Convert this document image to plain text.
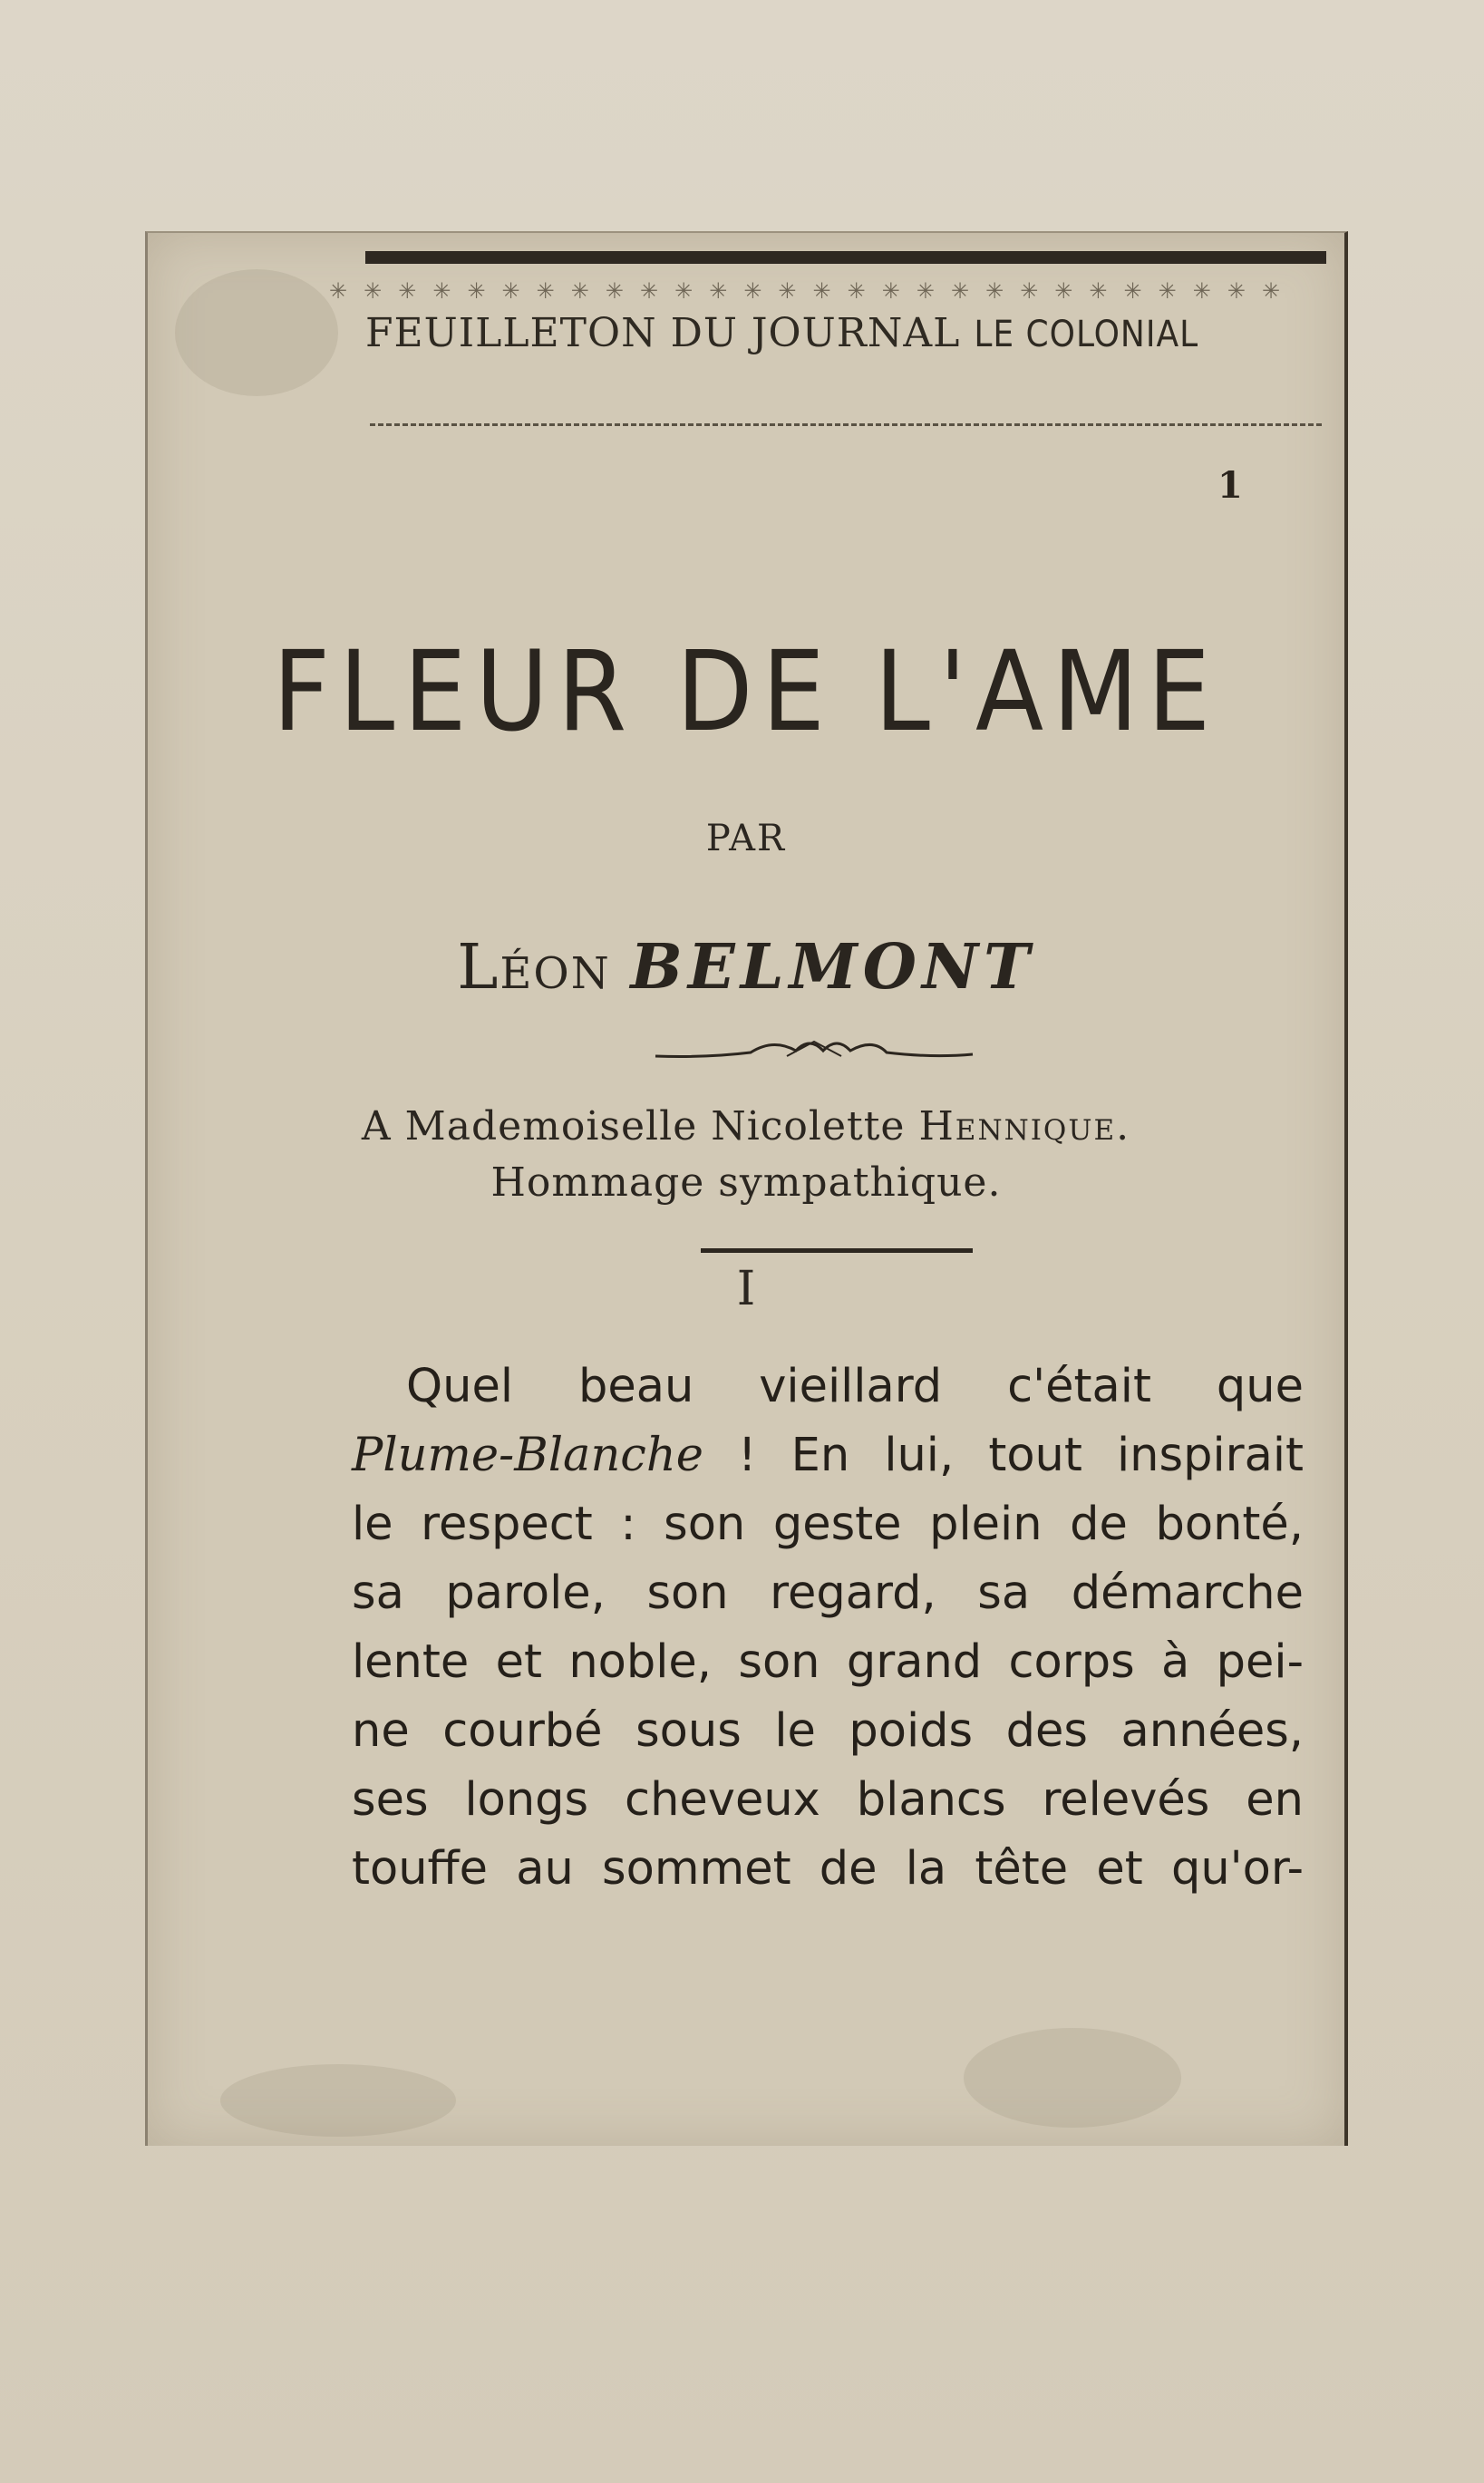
✳✳✳✳✳✳✳✳✳✳✳✳✳✳✳✳✳✳✳✳✳✳✳✳✳✳✳✳
FEUILLETON DU JOURNAL LE COLONIAL
1
FLEUR DE L'AME
PAR
Léon BELMONT
A Mademoiselle Nicolette Hennique.
Hommage sympathique.
I
Quel beau vieillard c'était que
Plume-Blanche ! En lui, tout inspirait
le respect : son geste plein de bonté,
sa parole, son regard, sa démarche
lente et noble, son grand corps à pei-
ne courbé sous le poids des années,
ses longs cheveux blancs relevés en
touffe au sommet de la tête et qu'or-
